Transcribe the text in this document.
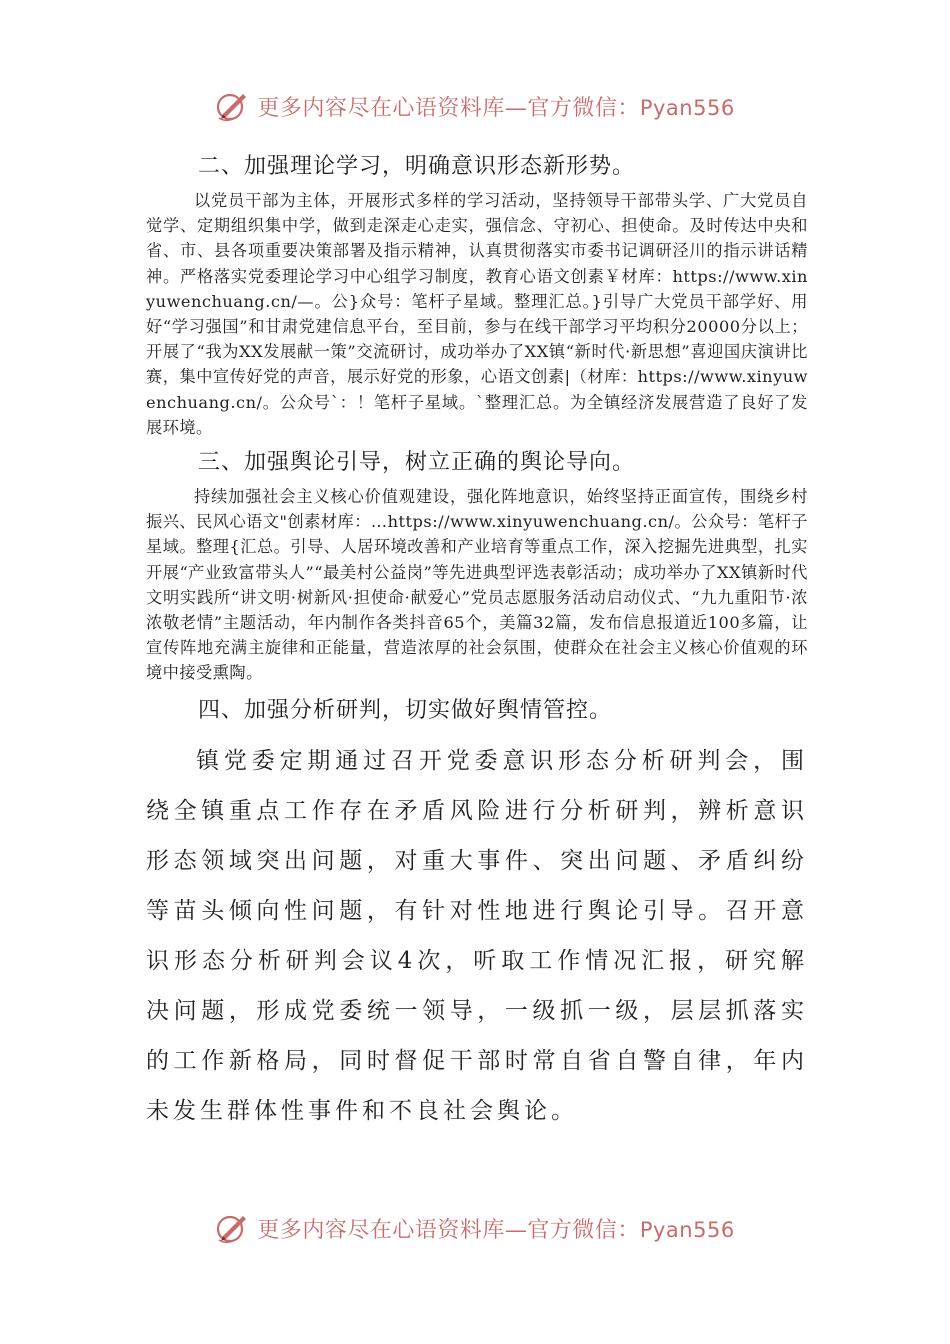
更多内容尽在心语资料库—官方微信：Pyan556

二、加强理论学习，明确意识形态新形势。

以党员干部为主体，开展形式多样的学习活动，坚持领导干部带头学、广大党员自觉学、定期组织集中学，做到走深走心走实，强信念、守初心、担使命。及时传达中央和省、市、县各项重要决策部署及指示精神，认真贯彻落实市委书记调研泾川的指示讲话精神。严格落实党委理论学习中心组学习制度，教育心语文创素￥材库：https://www.xinyuwenchuang.cn/—。公}众号：笔杆子星域。整理汇总。}引导广大党员干部学好、用好“学习强国”和甘肃党建信息平台，至目前，参与在线干部学习平均积分20000分以上；开展了“我为XX发展献一策”交流研讨，成功举办了XX镇“新时代·新思想”喜迎国庆演讲比赛，集中宣传好党的声音，展示好党的形象，心语文创素|（材库：https://www.xinyuwenchuang.cn/。公众号`：！笔杆子星域。`整理汇总。为全镇经济发展营造了良好了发展环境。

三、加强舆论引导，树立正确的舆论导向。

持续加强社会主义核心价值观建设，强化阵地意识，始终坚持正面宣传，围绕乡村振兴、民风心语文"创素材库：…https://www.xinyuwenchuang.cn/。公众号：笔杆子星域。整理{汇总。引导、人居环境改善和产业培育等重点工作，深入挖掘先进典型，扎实开展“产业致富带头人”“最美村公益岗”等先进典型评选表彰活动；成功举办了XX镇新时代文明实践所“讲文明·树新风·担使命·献爱心”党员志愿服务活动启动仪式、“九九重阳节·浓浓敬老情”主题活动，年内制作各类抖音65个，美篇32篇，发布信息报道近100多篇，让宣传阵地充满主旋律和正能量，营造浓厚的社会氛围，使群众在社会主义核心价值观的环境中接受熏陶。

四、加强分析研判，切实做好舆情管控。

镇党委定期通过召开党委意识形态分析研判会，围绕全镇重点工作存在矛盾风险进行分析研判，辨析意识形态领域突出问题，对重大事件、突出问题、矛盾纠纷等苗头倾向性问题，有针对性地进行舆论引导。召开意识形态分析研判会议4次，听取工作情况汇报，研究解决问题，形成党委统一领导，一级抓一级，层层抓落实的工作新格局，同时督促干部时常自省自警自律，年内未发生群体性事件和不良社会舆论。

更多内容尽在心语资料库—官方微信：Pyan556
